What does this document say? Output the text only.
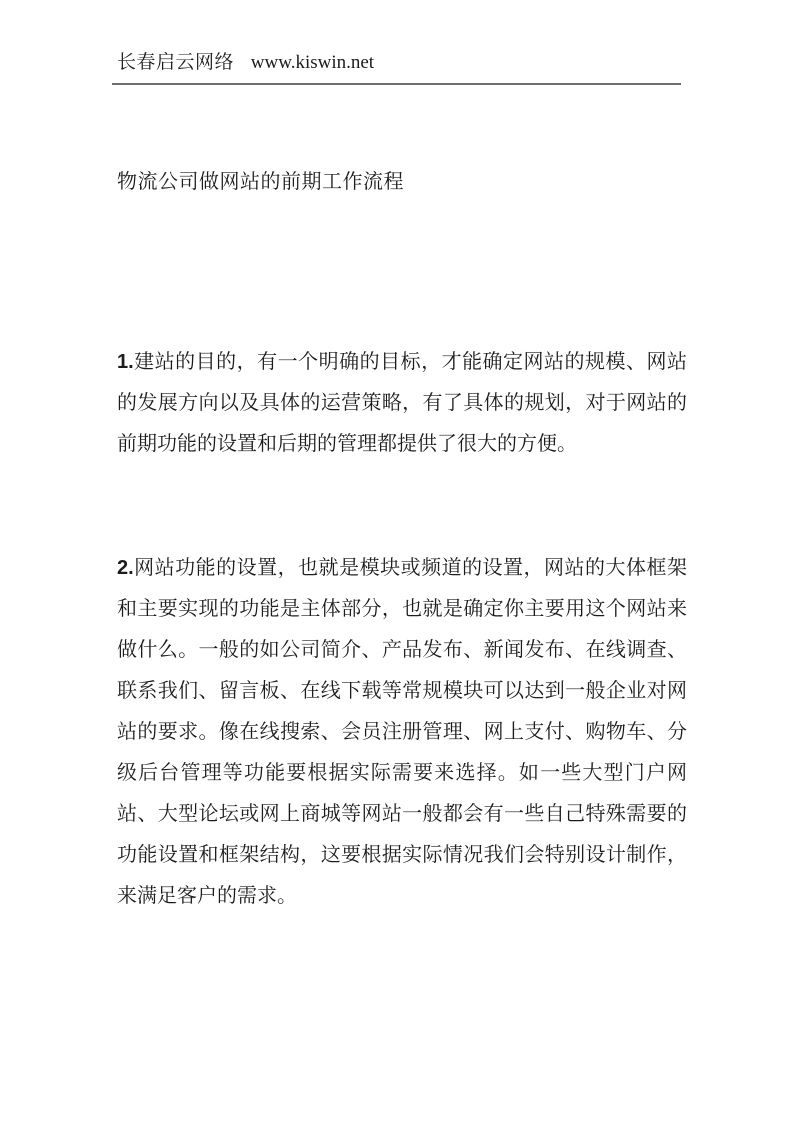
长春启云网络 www.kiswin.net
物流公司做网站的前期工作流程

1.建站的目的，有一个明确的目标，才能确定网站的规模、网站的发展方向以及具体的运营策略，有了具体的规划，对于网站的前期功能的设置和后期的管理都提供了很大的方便。

2.网站功能的设置，也就是模块或频道的设置，网站的大体框架和主要实现的功能是主体部分，也就是确定你主要用这个网站来做什么。一般的如公司简介、产品发布、新闻发布、在线调查、联系我们、留言板、在线下载等常规模块可以达到一般企业对网站的要求。像在线搜索、会员注册管理、网上支付、购物车、分级后台管理等功能要根据实际需要来选择。如一些大型门户网站、大型论坛或网上商城等网站一般都会有一些自己特殊需要的功能设置和框架结构，这要根据实际情况我们会特别设计制作，来满足客户的需求。
